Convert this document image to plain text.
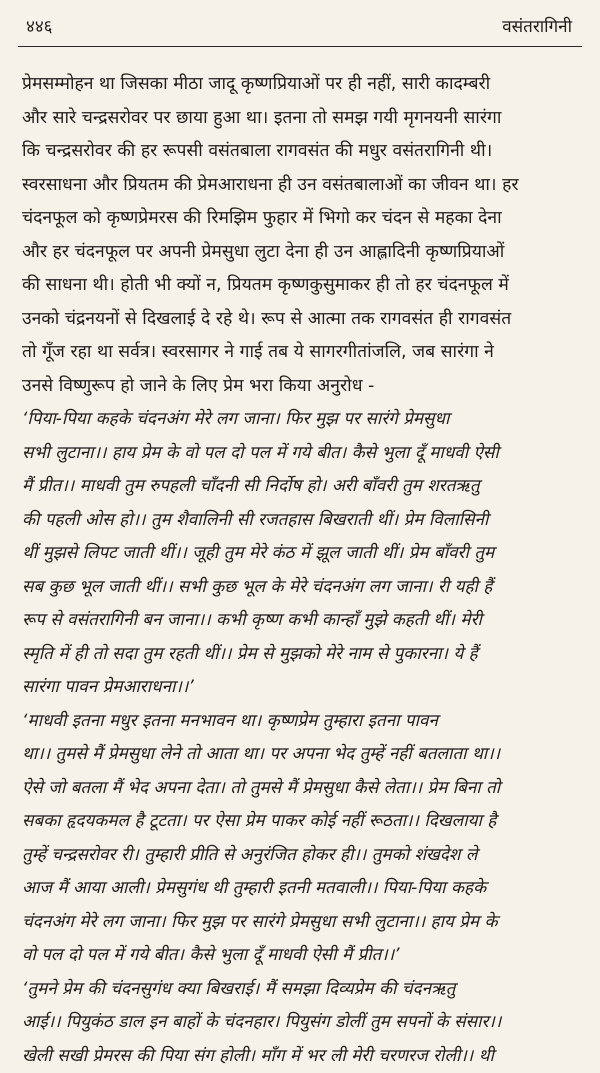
४४६	वसंतरागिनी
प्रेमसम्मोहन था जिसका मीठा जादू कृष्णप्रियाओं पर ही नहीं, सारी कादम्बरी
और सारे चन्द्रसरोवर पर छाया हुआ था। इतना तो समझ गयी मृगनयनी सारंगा
कि चन्द्रसरोवर की हर रूपसी वसंतबाला रागवसंत की मधुर वसंतरागिनी थी।
स्वरसाधना और प्रियतम की प्रेमआराधना ही उन वसंतबालाओं का जीवन था। हर
चंदनफूल को कृष्णप्रेमरस की रिमझिम फुहार में भिगो कर चंदन से महका देना
और हर चंदनफूल पर अपनी प्रेमसुधा लुटा देना ही उन आह्लादिनी कृष्णप्रियाओं
की साधना थी। होती भी क्यों न, प्रियतम कृष्णकुसुमाकर ही तो हर चंदनफूल में
उनको चंद्रनयनों से दिखलाई दे रहे थे। रूप से आत्मा तक रागवसंत ही रागवसंत
तो गूँज रहा था सर्वत्र। स्वरसागर ने गाई तब ये सागरगीतांजलि, जब सारंगा ने
उनसे विष्णुरूप हो जाने के लिए प्रेम भरा किया अनुरोध -
‘पिया-पिया कहके चंदनअंग मेरे लग जाना। फिर मुझ पर सारंगे प्रेमसुधा
सभी लुटाना।। हाय प्रेम के वो पल दो पल में गये बीत। कैसे भुला दूँ माधवी ऐसी
मैं प्रीत।। माधवी तुम रुपहली चाँदनी सी निर्दोष हो। अरी बाँवरी तुम शरतऋतु
की पहली ओस हो।। तुम शैवालिनी सी रजतहास बिखराती थीं। प्रेम विलासिनी
थीं मुझसे लिपट जाती थीं।। जूही तुम मेरे कंठ में झूल जाती थीं। प्रेम बाँवरी तुम
सब कुछ भूल जाती थीं।। सभी कुछ भूल के मेरे चंदनअंग लग जाना। री यही हैं
रूप से वसंतरागिनी बन जाना।। कभी कृष्ण कभी कान्हाँ मुझे कहती थीं। मेरी
स्मृति में ही तो सदा तुम रहती थीं।। प्रेम से मुझको मेरे नाम से पुकारना। ये हैं
सारंगा पावन प्रेमआराधना।।’
‘माधवी इतना मधुर इतना मनभावन था। कृष्णप्रेम तुम्हारा इतना पावन
था।। तुमसे मैं प्रेमसुधा लेने तो आता था। पर अपना भेद तुम्हें नहीं बतलाता था।।
ऐसे जो बतला मैं भेद अपना देता। तो तुमसे मैं प्रेमसुधा कैसे लेता।। प्रेम बिना तो
सबका हृदयकमल है टूटता। पर ऐसा प्रेम पाकर कोई नहीं रूठता।। दिखलाया है
तुम्हें चन्द्रसरोवर री। तुम्हारी प्रीति से अनुरंजित होकर ही।। तुमको शंखदेश ले
आज मैं आया आली। प्रेमसुगंध थी तुम्हारी इतनी मतवाली।। पिया-पिया कहके
चंदनअंग मेरे लग जाना। फिर मुझ पर सारंगे प्रेमसुधा सभी लुटाना।। हाय प्रेम के
वो पल दो पल में गये बीत। कैसे भुला दूँ माधवी ऐसी मैं प्रीत।।’
‘तुमने प्रेम की चंदनसुगंध क्या बिखराई। मैं समझा दिव्यप्रेम की चंदनऋतु
आई।। पियुकंठ डाल इन बाहों के चंदनहार। पियुसंग डोलीं तुम सपनों के संसार।।
खेली सखी प्रेमरस की पिया संग होली। माँग में भर ली मेरी चरणरज रोली।। थी
